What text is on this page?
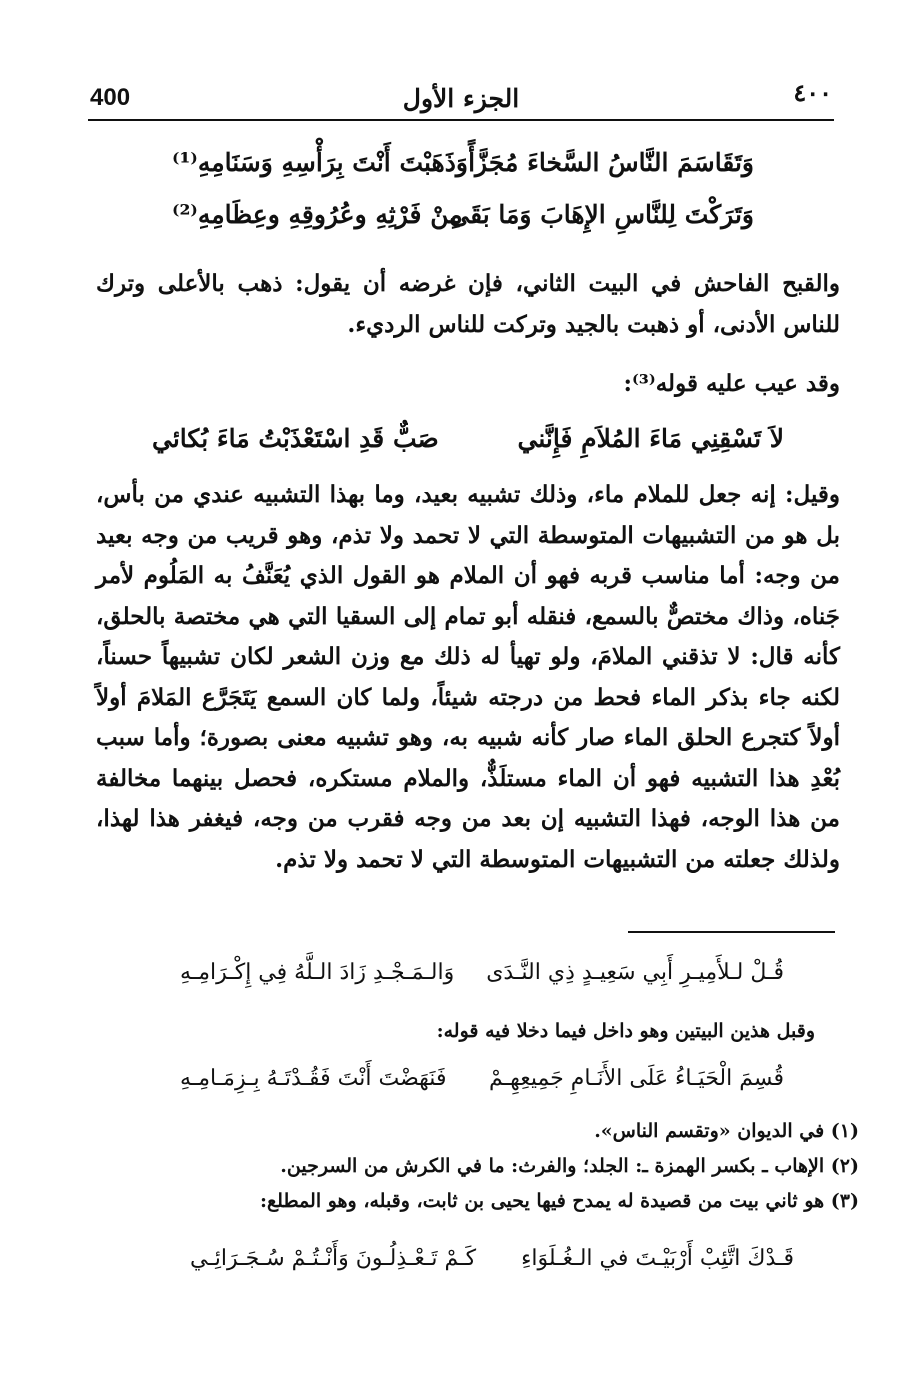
400	الجزء الأول	٤٠٠
وَتَقَاسَمَ النَّاسُ السَّخاءَ مُجَزَّأً
وَذَهَبْتَ أَنْتَ بِرَأْسِهِ وَسَنَامِهِ⁽¹⁾
وَتَرَكْتَ لِلنَّاسِ الإِهَابَ وَمَا بَقَى
مِنْ فَرْثِهِ وعُرُوقِهِ وعِظَامِهِ⁽²⁾
والقبح الفاحش في البيت الثاني، فإن غرضه أن يقول: ذهب بالأعلى وترك للناس الأدنى، أو ذهبت بالجيد وتركت للناس الرديء.
وقد عيب عليه قوله⁽³⁾:
لاَ تَسْقِنِي مَاءَ المُلاَمِ فَإِنَّني
صَبٌّ قَدِ اسْتَعْذَبْتُ مَاءَ بُكائي
وقيل: إنه جعل للملام ماء، وذلك تشبيه بعيد، وما بهذا التشبيه عندي من بأس، بل هو من التشبيهات المتوسطة التي لا تحمد ولا تذم، وهو قريب من وجه بعيد من وجه: أما مناسب قربه فهو أن الملام هو القول الذي يُعَنَّفُ به المَلُوم لأمر جَناه، وذاك مختصٌّ بالسمع، فنقله أبو تمام إلى السقيا التي هي مختصة بالحلق، كأنه قال: لا تذقني الملامَ، ولو تهيأ له ذلك مع وزن الشعر لكان تشبيهاً حسناً، لكنه جاء بذكر الماء فحط من درجته شيئاً، ولما كان السمع يَتَجَرَّع المَلامَ أولاً أولاً كتجرع الحلق الماء صار كأنه شبيه به، وهو تشبيه معنى بصورة؛ وأما سبب بُعْدِ هذا التشبيه فهو أن الماء مستلَذٌّ، والملام مستكره، فحصل بينهما مخالفة من هذا الوجه، فهذا التشبيه إن بعد من وجه فقرب من وجه، فيغفر هذا لهذا، ولذلك جعلته من التشبيهات المتوسطة التي لا تحمد ولا تذم.
قُـلْ لـلأَمِيـرِ أَبِي سَعِيـدٍ ذِي النَّـدَى
وَالـمَـجْـدِ زَادَ الـلَّهُ فِي إِكْـرَامِـهِ
وقبل هذين البيتين وهو داخل فيما دخلا فيه قوله:
قُسِمَ الْحَيَـاءُ عَلَى الأَنَـامِ جَمِيعِهِـمْ
فَنَهَضْتَ أَنْتَ فَقُـدْتَـهُ بِـزِمَـامِـهِ
(١) في الديوان «وتقسم الناس».
(٢) الإهاب ـ بكسر الهمزة ـ: الجلد؛ والفرث: ما في الكرش من السرجين.
(٣) هو ثاني بيت من قصيدة له يمدح فيها يحيى بن ثابت، وقبله، وهو المطلع:
قَـدْكَ اتَّئِبْ أَرْبَيْـتَ في الـغُـلَوَاءِ
كَـمْ تَـعْـذِلُـونَ وَأَنْـتُـمْ سُـجَـرَائِـي
